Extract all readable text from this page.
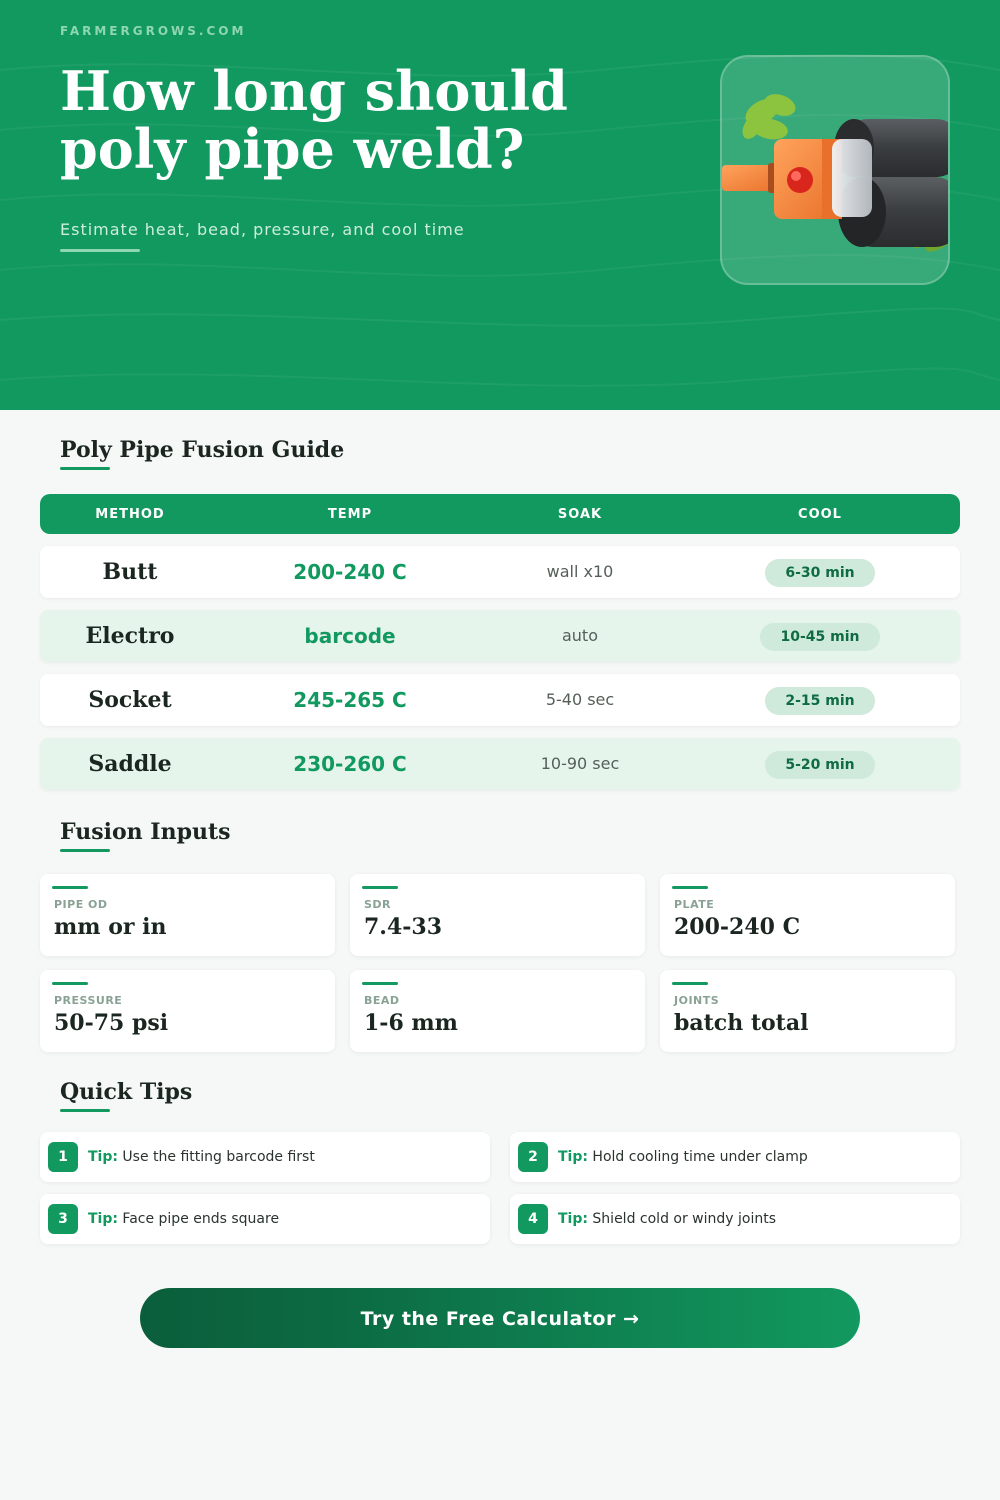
FARMERGROWS.COM
How long should
poly pipe weld?
Estimate heat, bead, pressure, and cool time
Poly Pipe Fusion Guide
METHOD	TEMP	SOAK	COOL
Butt	200-240 C	wall x10	6-30 min
Electro	barcode	auto	10-45 min
Socket	245-265 C	5-40 sec	2-15 min
Saddle	230-260 C	10-90 sec	5-20 min
Fusion Inputs
PIPE OD
mm or in
SDR
7.4-33
PLATE
200-240 C
PRESSURE
50-75 psi
BEAD
1-6 mm
JOINTS
batch total
Quick Tips
1	Tip: Use the fitting barcode first	2	Tip: Hold cooling time under clamp
3	Tip: Face pipe ends square	4	Tip: Shield cold or windy joints
Try the Free Calculator →
